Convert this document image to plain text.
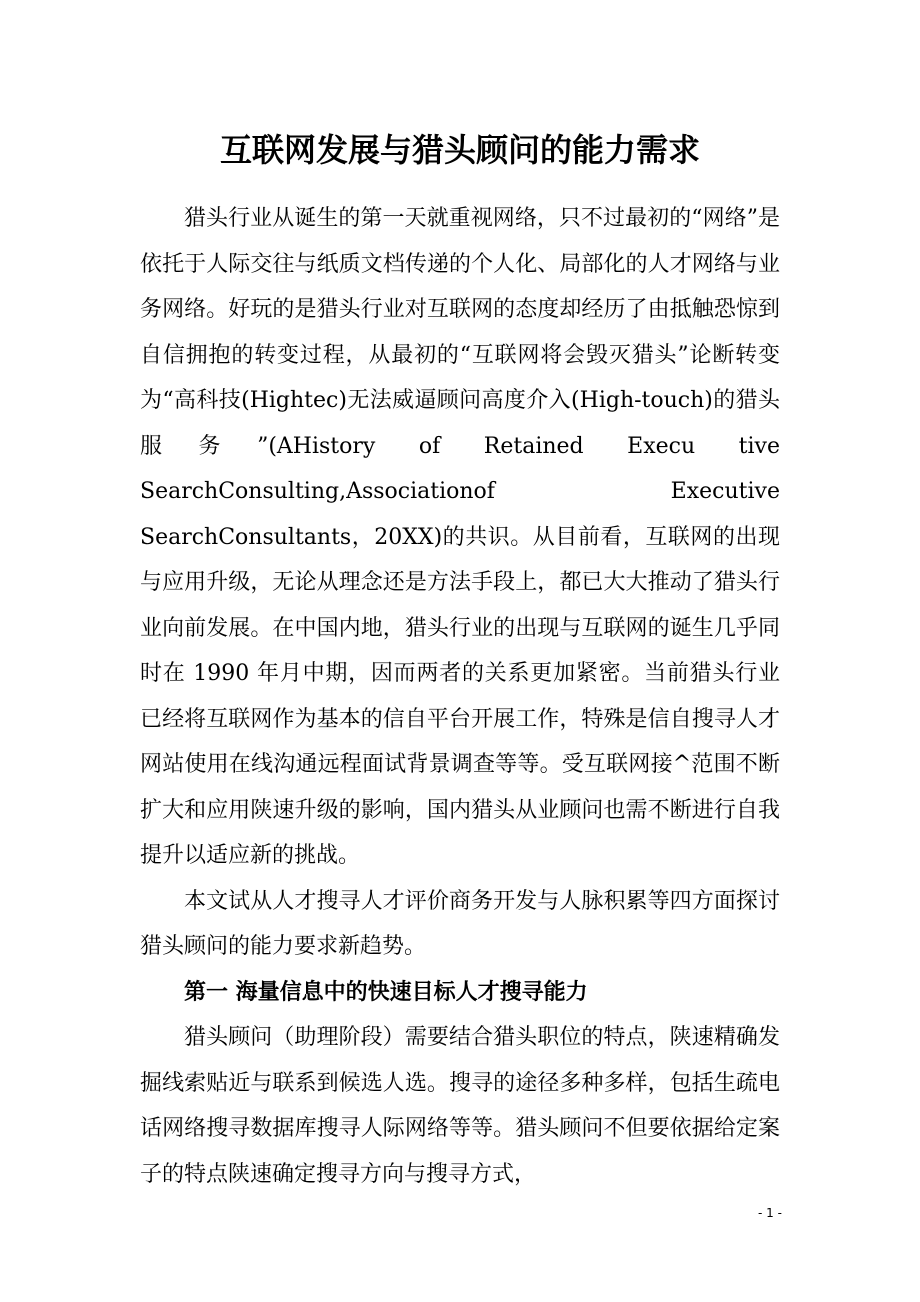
互联网发展与猎头顾问的能力需求

猎头行业从诞生的第一天就重视网络，只不过最初的“网络”是依托于人际交往与纸质文档传递的个人化、局部化的人才网络与业务网络。好玩的是猎头行业对互联网的态度却经历了由抵触恐惊到自信拥抱的转变过程，从最初的“互联网将会毁灭猎头”论断转变为“高科技(Hightec)无法威逼顾问高度介入(High-touch)的猎头服务”(AHistory of Retained Execu tive SearchConsulting,Associationof Executive SearchConsultants，20XX)的共识。从目前看，互联网的出现与应用升级，无论从理念还是方法手段上，都已大大推动了猎头行业向前发展。在中国内地，猎头行业的出现与互联网的诞生几乎同时在 1990 年月中期，因而两者的关系更加紧密。当前猎头行业已经将互联网作为基本的信自平台开展工作，特殊是信自搜寻人才网站使用在线沟通远程面试背景调查等等。受互联网接^范围不断扩大和应用陕速升级的影响，国内猎头从业顾问也需不断进行自我提升以适应新的挑战。

本文试从人才搜寻人才评价商务开发与人脉积累等四方面探讨猎头顾问的能力要求新趋势。

第一 海量信息中的快速目标人才搜寻能力

猎头顾问（助理阶段）需要结合猎头职位的特点，陕速精确发掘线索贴近与联系到候选人选。搜寻的途径多种多样，包括生疏电话网络搜寻数据库搜寻人际网络等等。猎头顾问不但要依据给定案子的特点陕速确定搜寻方向与搜寻方式，

- 1 -
